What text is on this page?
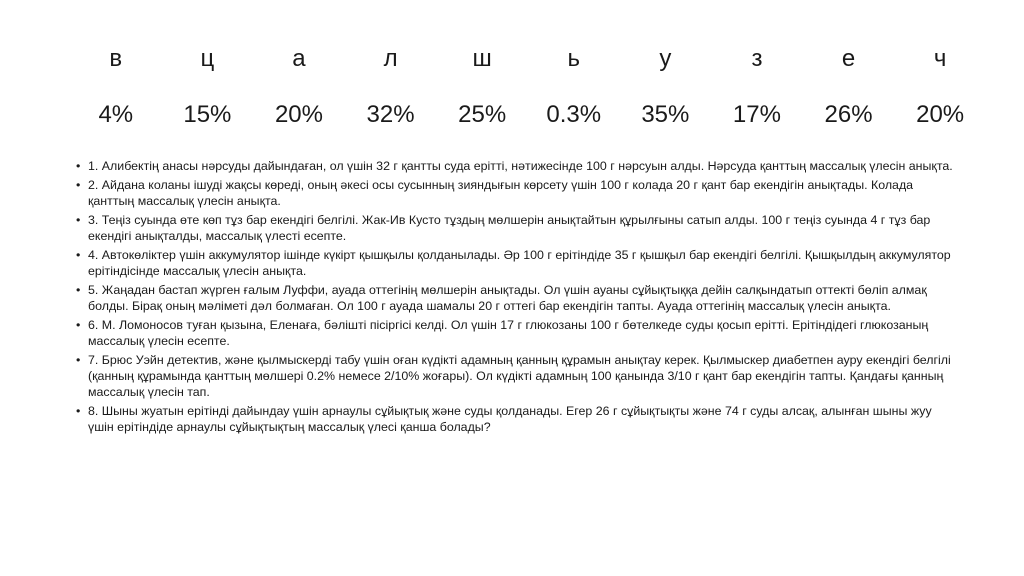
в	ц	а	л	ш	ь	у	з	е	ч
4%	15%	20%	32%	25%	0.3%	35%	17%	26%	20%
• 1. Алибектің анасы нәрсуды дайындаған, ол үшін 32 г қантты суда ерітті, нәтижесінде 100 г нәрсуын алды. Нәрсуда қанттың массалық үлесін анықта.
• 2. Айдана коланы ішуді жақсы көреді, оның әкесі осы сусынның зияндығын көрсету үшін 100 г колада 20 г қант бар екендігін анықтады. Колада қанттың массалық үлесін анықта.
• 3. Теңіз суында өте көп тұз бар екендігі белгілі. Жак-Ив Кусто тұздың мөлшерін анықтайтын құрылғыны сатып алды. 100 г теңіз суында 4 г тұз бар екендігі анықталды, массалық үлесті есепте.
• 4. Автокөліктер үшін аккумулятор ішінде күкірт қышқылы қолданылады. Әр 100 г ерітіндіде 35 г қышқыл бар екендігі белгілі. Қышқылдың аккумулятор ерітіндісінде массалық үлесін анықта.
• 5. Жаңадан бастап жүрген ғалым Луффи, ауада оттегінің мөлшерін анықтады. Ол үшін ауаны сұйықтыққа дейін салқындатып оттекті бөліп алмақ болды. Бірақ оның мәліметі дәл болмаған. Ол 100 г ауада шамалы 20 г оттегі бар екендігін тапты. Ауада оттегінің массалық үлесін анықта.
• 6. М. Ломоносов туған қызына, Еленаға, бәлішті пісіргісі келді. Ол үшін 17 г глюкозаны 100 г бөтелкеде суды қосып ерітті. Ерітіндідегі глюкозаның массалық үлесін есепте.
• 7. Брюс Уэйн детектив, және қылмыскерді табу үшін оған күдікті адамның қанның құрамын анықтау керек. Қылмыскер диабетпен ауру екендігі белгілі (қанның құрамында қанттың мөлшері 0.2% немесе 2/10% жоғары). Ол күдікті адамның 100 қанында 3/10 г қант бар екендігін тапты. Қандағы қанның массалық үлесін тап.
• 8. Шыны жуатын ерітінді дайындау үшін арнаулы сұйықтық және суды қолданады. Егер 26 г сұйықтықты және 74 г суды алсақ, алынған шыны жуу үшін ерітіндіде арнаулы сұйықтықтың массалық үлесі қанша болады?
